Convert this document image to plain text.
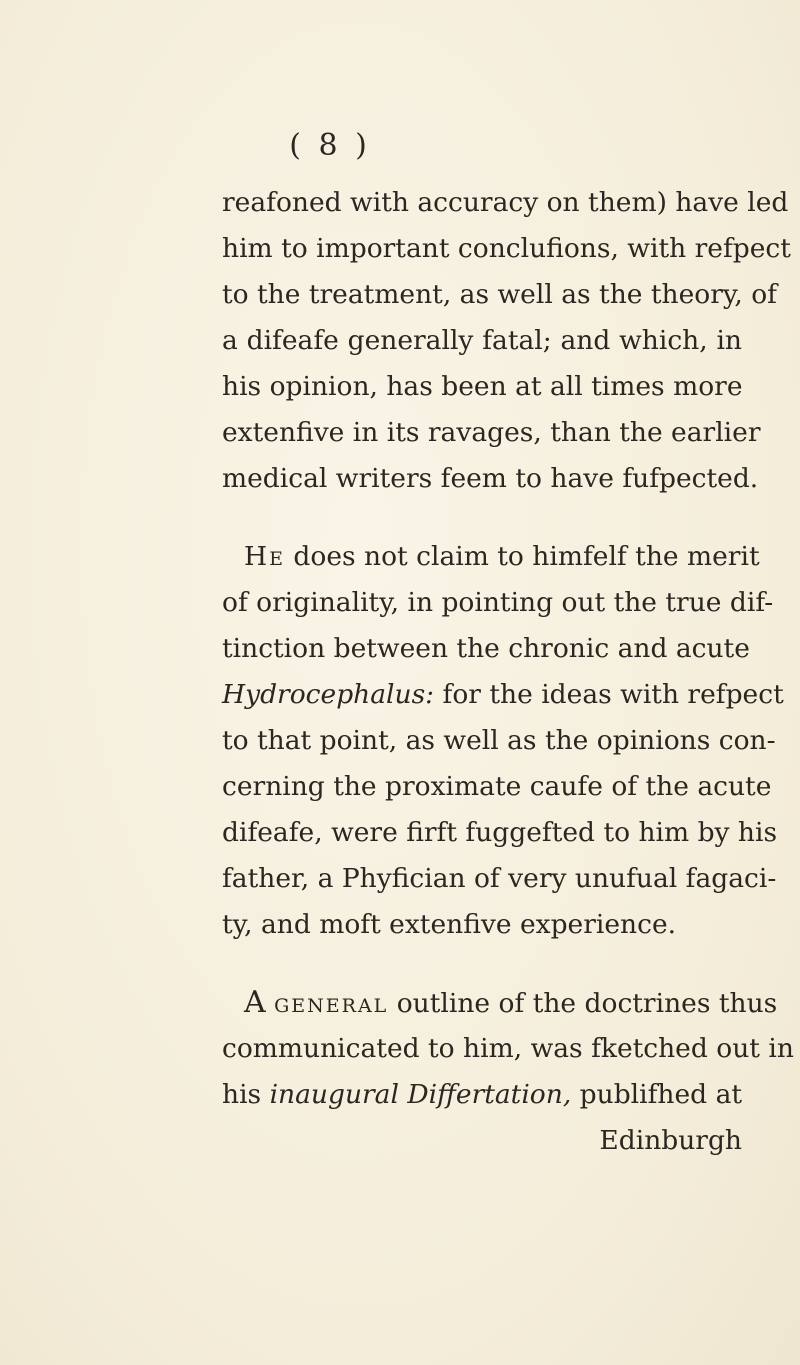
( 8 )
reafoned with accuracy on them) have led
him to important conclufions, with refpect
to the treatment, as well as the theory, of
a difeafe generally fatal; and which, in
his opinion, has been at all times more
extenfive in its ravages, than the earlier
medical writers feem to have fufpected.
He does not claim to himfelf the merit
of originality, in pointing out the true dif-
tinction between the chronic and acute
Hydrocephalus: for the ideas with refpect
to that point, as well as the opinions con-
cerning the proximate caufe of the acute
difeafe, were firft fuggefted to him by his
father, a Phyfician of very unufual fagaci-
ty, and moft extenfive experience.
A general outline of the doctrines thus
communicated to him, was fketched out in
his inaugural Differtation, publifhed at
Edinburgh
